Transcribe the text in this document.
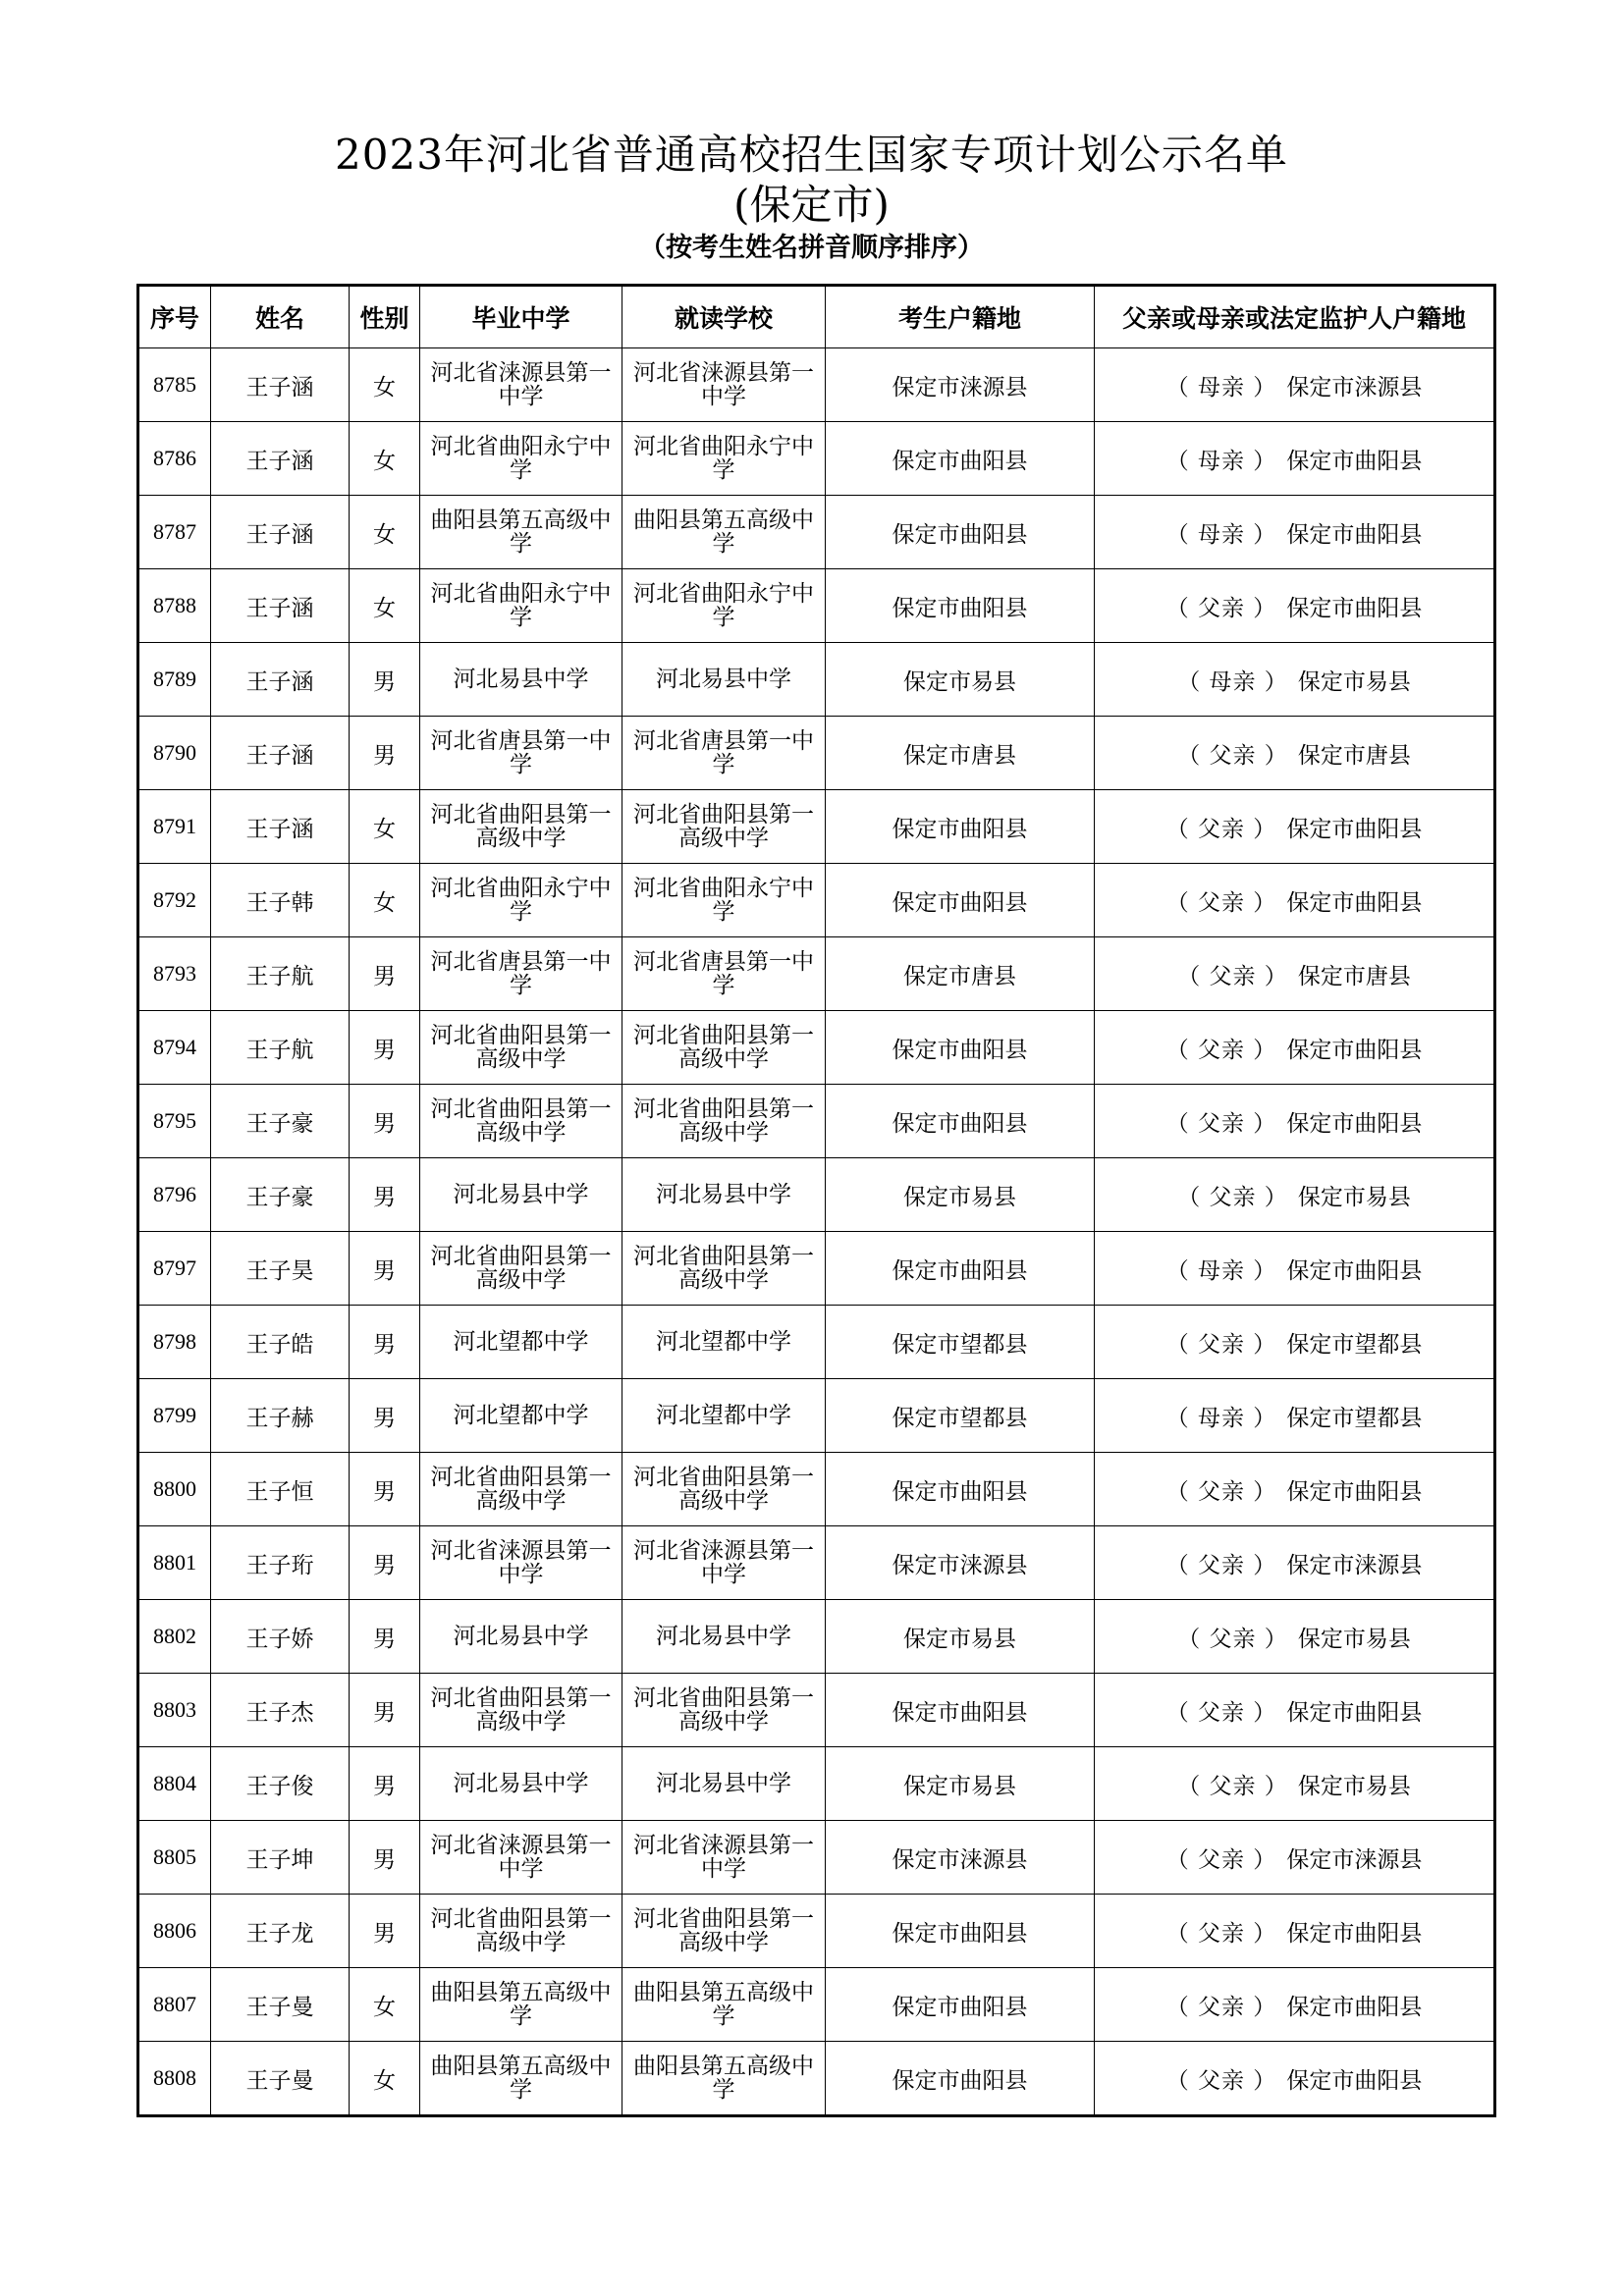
2023年河北省普通高校招生国家专项计划公示名单
(保定市)
（按考生姓名拼音顺序排序）
序号	姓名	性别	毕业中学	就读学校	考生户籍地	父亲或母亲或法定监护人户籍地
8785	王子涵	女	河北省涞源县第一中学	河北省涞源县第一中学	保定市涞源县	（ 母亲 ） 保定市涞源县
8786	王子涵	女	河北省曲阳永宁中学	河北省曲阳永宁中学	保定市曲阳县	（ 母亲 ） 保定市曲阳县
8787	王子涵	女	曲阳县第五高级中学	曲阳县第五高级中学	保定市曲阳县	（ 母亲 ） 保定市曲阳县
8788	王子涵	女	河北省曲阳永宁中学	河北省曲阳永宁中学	保定市曲阳县	（ 父亲 ） 保定市曲阳县
8789	王子涵	男	河北易县中学	河北易县中学	保定市易县	（ 母亲 ） 保定市易县
8790	王子涵	男	河北省唐县第一中学	河北省唐县第一中学	保定市唐县	（ 父亲 ） 保定市唐县
8791	王子涵	女	河北省曲阳县第一高级中学	河北省曲阳县第一高级中学	保定市曲阳县	（ 父亲 ） 保定市曲阳县
8792	王子韩	女	河北省曲阳永宁中学	河北省曲阳永宁中学	保定市曲阳县	（ 父亲 ） 保定市曲阳县
8793	王子航	男	河北省唐县第一中学	河北省唐县第一中学	保定市唐县	（ 父亲 ） 保定市唐县
8794	王子航	男	河北省曲阳县第一高级中学	河北省曲阳县第一高级中学	保定市曲阳县	（ 父亲 ） 保定市曲阳县
8795	王子豪	男	河北省曲阳县第一高级中学	河北省曲阳县第一高级中学	保定市曲阳县	（ 父亲 ） 保定市曲阳县
8796	王子豪	男	河北易县中学	河北易县中学	保定市易县	（ 父亲 ） 保定市易县
8797	王子昊	男	河北省曲阳县第一高级中学	河北省曲阳县第一高级中学	保定市曲阳县	（ 母亲 ） 保定市曲阳县
8798	王子皓	男	河北望都中学	河北望都中学	保定市望都县	（ 父亲 ） 保定市望都县
8799	王子赫	男	河北望都中学	河北望都中学	保定市望都县	（ 母亲 ） 保定市望都县
8800	王子恒	男	河北省曲阳县第一高级中学	河北省曲阳县第一高级中学	保定市曲阳县	（ 父亲 ） 保定市曲阳县
8801	王子珩	男	河北省涞源县第一中学	河北省涞源县第一中学	保定市涞源县	（ 父亲 ） 保定市涞源县
8802	王子娇	男	河北易县中学	河北易县中学	保定市易县	（ 父亲 ） 保定市易县
8803	王子杰	男	河北省曲阳县第一高级中学	河北省曲阳县第一高级中学	保定市曲阳县	（ 父亲 ） 保定市曲阳县
8804	王子俊	男	河北易县中学	河北易县中学	保定市易县	（ 父亲 ） 保定市易县
8805	王子坤	男	河北省涞源县第一中学	河北省涞源县第一中学	保定市涞源县	（ 父亲 ） 保定市涞源县
8806	王子龙	男	河北省曲阳县第一高级中学	河北省曲阳县第一高级中学	保定市曲阳县	（ 父亲 ） 保定市曲阳县
8807	王子曼	女	曲阳县第五高级中学	曲阳县第五高级中学	保定市曲阳县	（ 父亲 ） 保定市曲阳县
8808	王子曼	女	曲阳县第五高级中学	曲阳县第五高级中学	保定市曲阳县	（ 父亲 ） 保定市曲阳县
